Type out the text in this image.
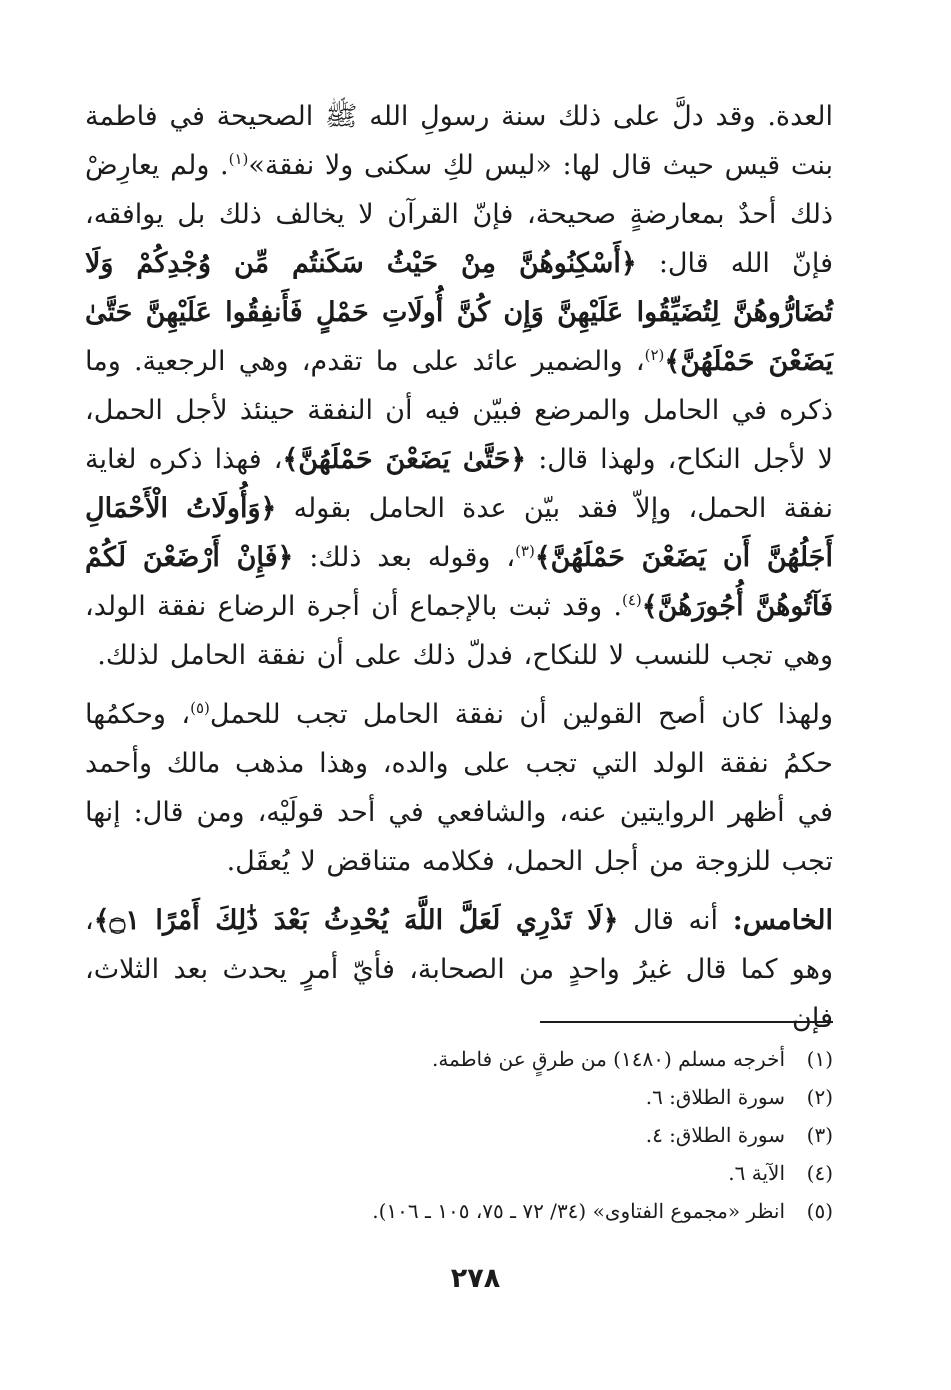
العدة. وقد دلَّ على ذلك سنة رسولِ الله ﷺ الصحيحة في فاطمة بنت قيس حيث قال لها: «ليس لكِ سكنى ولا نفقة»$^{(١)}$. ولم يعارِضْ ذلك أحدٌ بمعارضةٍ صحيحة، فإنّ القرآن لا يخالف ذلك بل يوافقه، فإنّ الله قال: ﴿أَسْكِنُوهُنَّ مِنْ حَيْثُ سَكَنتُم مِّن وُجْدِكُمْ وَلَا تُضَارُّوهُنَّ لِتُضَيِّقُوا عَلَيْهِنَّ وَإِن كُنَّ أُولَاتِ حَمْلٍ فَأَنفِقُوا عَلَيْهِنَّ حَتَّىٰ يَضَعْنَ حَمْلَهُنَّ﴾$^{(٢)}$، والضمير عائد على ما تقدم، وهي الرجعية. وما ذكره في الحامل والمرضع فبيّن فيه أن النفقة حينئذ لأجل الحمل، لا لأجل النكاح، ولهذا قال: ﴿حَتَّىٰ يَضَعْنَ حَمْلَهُنَّ﴾، فهذا ذكره لغاية نفقة الحمل، وإلاّ فقد بيّن عدة الحامل بقوله ﴿وَأُولَاتُ الْأَحْمَالِ أَجَلُهُنَّ أَن يَضَعْنَ حَمْلَهُنَّ﴾$^{(٣)}$، وقوله بعد ذلك: ﴿فَإِنْ أَرْضَعْنَ لَكُمْ فَآتُوهُنَّ أُجُورَهُنَّ﴾$^{(٤)}$. وقد ثبت بالإجماع أن أجرة الرضاع نفقة الولد، وهي تجب للنسب لا للنكاح، فدلّ ذلك على أن نفقة الحامل لذلك.

ولهذا كان أصح القولين أن نفقة الحامل تجب للحمل$^{(٥)}$، وحكمُها حكمُ نفقة الولد التي تجب على والده، وهذا مذهب مالك وأحمد في أظهر الروايتين عنه، والشافعي في أحد قولَيْه، ومن قال: إنها تجب للزوجة من أجل الحمل، فكلامه متناقض لا يُعقَل.

الخامس: أنه قال ﴿لَا تَدْرِي لَعَلَّ اللَّهَ يُحْدِثُ بَعْدَ ذَٰلِكَ أَمْرًا ۝١﴾، وهو كما قال غيرُ واحدٍ من الصحابة، فأيّ أمرٍ يحدث بعد الثلاث، فإن

(١)أخرجه مسلم (١٤٨٠) من طرقٍ عن فاطمة.
(٢)سورة الطلاق: ٦.
(٣)سورة الطلاق: ٤.
(٤)الآية ٦.
(٥)انظر «مجموع الفتاوى» (٣٤/ ٧٢ ـ ٧٥، ١٠٥ ـ ١٠٦).
٢٧٨
